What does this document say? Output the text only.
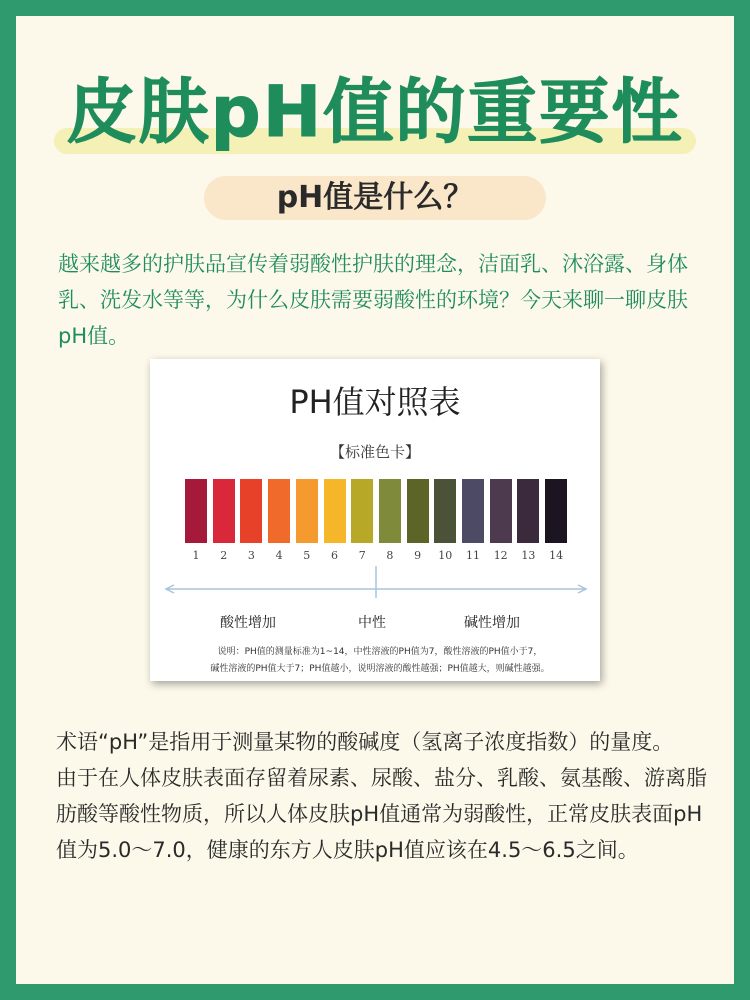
皮肤pH值的重要性
pH值是什么？
越来越多的护肤品宣传着弱酸性护肤的理念，洁面乳、沐浴露、身体乳、洗发水等等，为什么皮肤需要弱酸性的环境？今天来聊一聊皮肤pH值。
PH值对照表
【标准色卡】
1	2	3	4	5	6	7	8	9	10	11	12	13	14
酸性增加	中性	碱性增加
说明：PH值的测量标准为1~14，中性溶液的PH值为7，酸性溶液的PH值小于7，
碱性溶液的PH值大于7；PH值越小，说明溶液的酸性越强；PH值越大，则碱性越强。

术语“pH”是指用于测量某物的酸碱度（氢离子浓度指数）的量度。

由于在人体皮肤表面存留着尿素、尿酸、盐分、乳酸、氨基酸、游离脂肪酸等酸性物质，所以人体皮肤pH值通常为弱酸性，正常皮肤表面pH值为5.0～7.0，健康的东方人皮肤pH值应该在4.5～6.5之间。
